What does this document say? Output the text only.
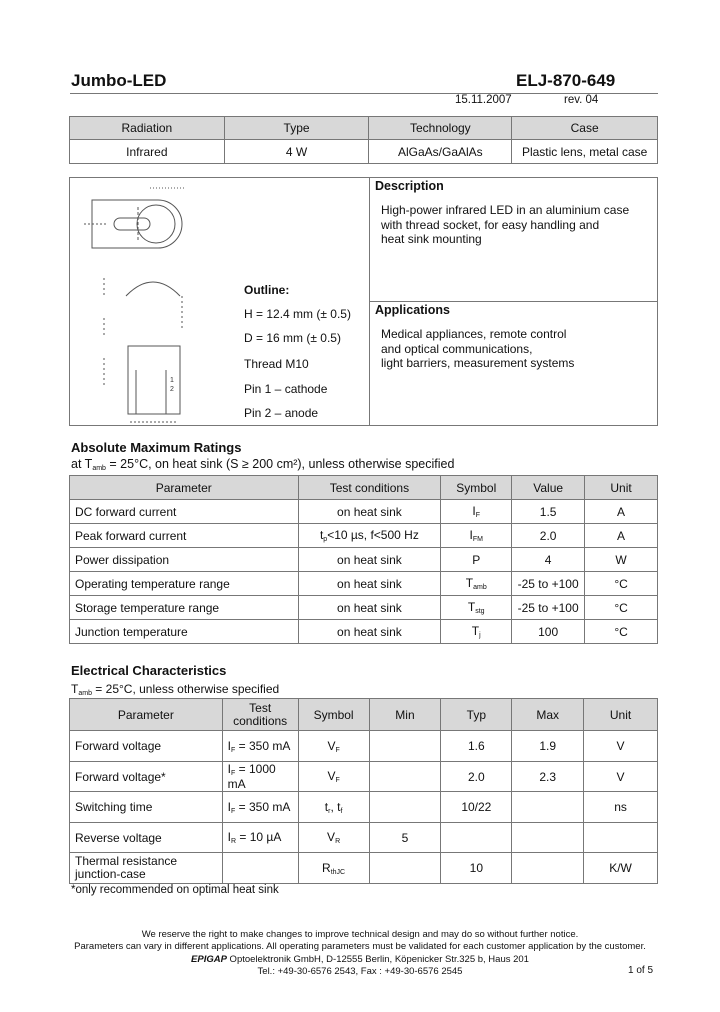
Jumbo-LED	ELJ-870-649
15.11.2007	rev. 04
Radiation	Type	Technology	Case
Infrared	4 W	AlGaAs/GaAlAs	Plastic lens, metal case
1
2
Outline:
H = 12.4 mm (± 0.5)
D = 16 mm (± 0.5)
Thread M10
Pin 1 – cathode
Pin 2 – anode
Description
High-power infrared LED in an aluminium case
with thread socket, for easy handling and
heat sink mounting
Applications
Medical appliances, remote control
and optical communications,
light barriers, measurement systems
Absolute Maximum Ratings
at $T_{amb} = 25^\circ C$, on heat sink (S ≥ 200 cm²), unless otherwise specified
Parameter	Test conditions	Symbol	Value	Unit
DC forward current	on heat sink	$I_F$	1.5	A
Peak forward current	$t_p<10$ µs, f<500 Hz	$I_{FM}$	2.0	A
Power dissipation	on heat sink	P	4	W
Operating temperature range	on heat sink	$T_{amb}$	-25 to +100	°C
Storage temperature range	on heat sink	$T_{stg}$	-25 to +100	°C
Junction temperature	on heat sink	$T_j$	100	°C
Electrical Characteristics
$T_{amb} = 25^\circ C$, unless otherwise specified
Parameter	Test conditions	Symbol	Min	Typ	Max	Unit
Forward voltage	$I_F = 350$ mA	$V_F$		1.6	1.9	V
Forward voltage*	$I_F = 1000$ mA	$V_F$		2.0	2.3	V
Switching time	$I_F = 350$ mA	$t_r$, $t_f$		10/22		ns
Reverse voltage	$I_R = 10$ µA	$V_R$	5			

Thermal resistance
junction-case		$R_{thJC}$		10		K/W
*only recommended on optimal heat sink
We reserve the right to make changes to improve technical design and may do so without further notice.
Parameters can vary in different applications. All operating parameters must be validated for each customer application by the customer.
EPIGAP Optoelektronik GmbH, D-12555 Berlin, Köpenicker Str.325 b, Haus 201
Tel.: +49-30-6576 2543, Fax : +49-30-6576 2545	1 of 5
